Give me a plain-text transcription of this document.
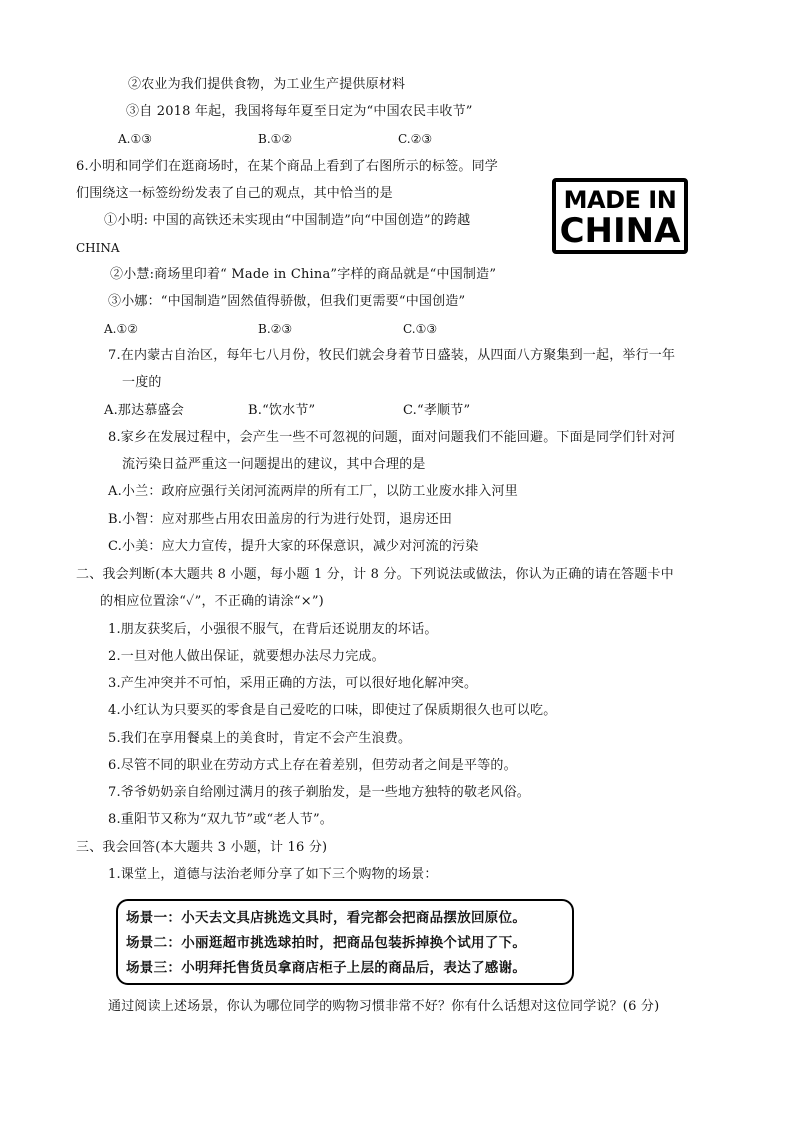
②农业为我们提供食物，为工业生产提供原材料
③自 2018 年起，我国将每年夏至日定为“中国农民丰收节”
A.①③	B.①②	C.②③
6.小明和同学们在逛商场时，在某个商品上看到了右图所示的标签。同学
们围绕这一标签纷纷发表了自己的观点，其中恰当的是	MADE IN
CHINA
①小明: 中国的高铁还未实现由“中国制造”向“中国创造”的跨越
CHINA
②小慧:商场里印着“ Made in China”字样的商品就是“中国制造”
③小娜：“中国制造”固然值得骄傲，但我们更需要“中国创造”
A.①②	B.②③	C.①③
7.在内蒙古自治区，每年七八月份，牧民们就会身着节日盛装，从四面八方聚集到一起，举行一年
一度的
A.那达慕盛会	B.“饮水节”	C.“孝顺节”
8.家乡在发展过程中，会产生一些不可忽视的问题，面对问题我们不能回避。下面是同学们针对河
流污染日益严重这一问题提出的建议，其中合理的是
A.小兰：政府应强行关闭河流两岸的所有工厂，以防工业废水排入河里
B.小智：应对那些占用农田盖房的行为进行处罚，退房还田
C.小美：应大力宣传，提升大家的环保意识，减少对河流的污染
二、我会判断(本大题共 8 小题，每小题 1 分，计 8 分。下列说法或做法，你认为正确的请在答题卡中
的相应位置涂“✓”，不正确的请涂“×”)
1.朋友获奖后，小强很不服气，在背后还说朋友的坏话。
2.一旦对他人做出保证，就要想办法尽力完成。
3.产生冲突并不可怕，采用正确的方法，可以很好地化解冲突。
4.小红认为只要买的零食是自己爱吃的口味，即使过了保质期很久也可以吃。
5.我们在享用餐桌上的美食时，肯定不会产生浪费。
6.尽管不同的职业在劳动方式上存在着差别，但劳动者之间是平等的。
7.爷爷奶奶亲自给刚过满月的孩子剃胎发，是一些地方独特的敬老风俗。
8.重阳节又称为“双九节”或“老人节”。
三、我会回答(本大题共 3 小题，计 16 分)
1.课堂上，道德与法治老师分享了如下三个购物的场景：
场景一：小天去文具店挑选文具时，看完都会把商品摆放回原位。
场景二：小丽逛超市挑选球拍时，把商品包装拆掉换个试用了下。
场景三：小明拜托售货员拿商店柜子上层的商品后，表达了感谢。
通过阅读上述场景，你认为哪位同学的购物习惯非常不好？你有什么话想对这位同学说？(6 分)
